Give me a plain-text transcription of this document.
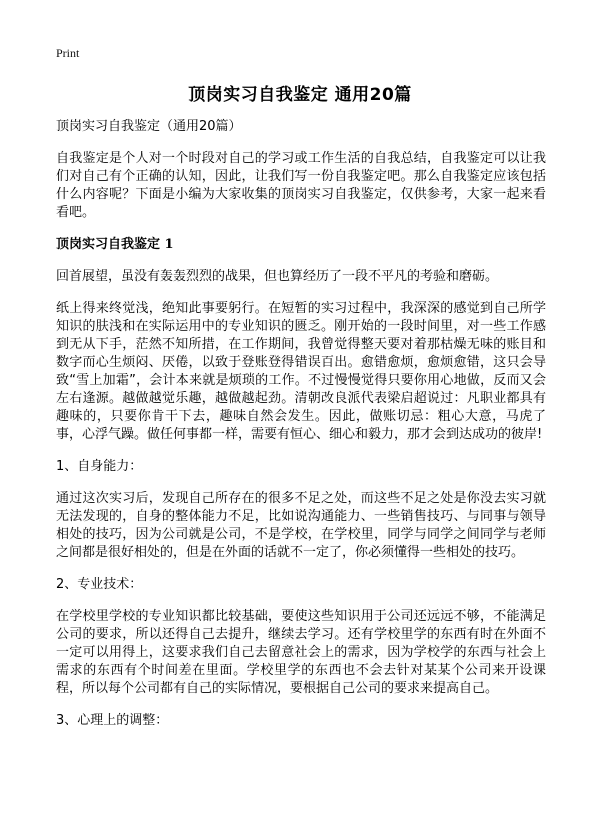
Print
顶岗实习自我鉴定 通用20篇

顶岗实习自我鉴定（通用20篇）

自我鉴定是个人对一个时段对自己的学习或工作生活的自我总结，自我鉴定可以让我们对自己有个正确的认知，因此，让我们写一份自我鉴定吧。那么自我鉴定应该包括什么内容呢？下面是小编为大家收集的顶岗实习自我鉴定，仅供参考，大家一起来看看吧。

顶岗实习自我鉴定 1

回首展望，虽没有轰轰烈烈的战果，但也算经历了一段不平凡的考验和磨砺。

纸上得来终觉浅，绝知此事要躬行。在短暂的实习过程中，我深深的感觉到自己所学知识的肤浅和在实际运用中的专业知识的匮乏。刚开始的一段时间里，对一些工作感到无从下手，茫然不知所措，在工作期间，我曾觉得整天要对着那枯燥无味的账目和数字而心生烦闷、厌倦，以致于登账登得错误百出。愈错愈烦，愈烦愈错，这只会导致“雪上加霜”，会计本来就是烦琐的工作。不过慢慢觉得只要你用心地做，反而又会左右逢源。越做越觉乐趣，越做越起劲。清朝改良派代表梁启超说过：凡职业都具有趣味的，只要你肯干下去，趣味自然会发生。因此，做账切忌：粗心大意，马虎了事，心浮气躁。做任何事都一样，需要有恒心、细心和毅力，那才会到达成功的彼岸!

1、自身能力：

通过这次实习后，发现自己所存在的很多不足之处，而这些不足之处是你没去实习就无法发现的，自身的整体能力不足，比如说沟通能力、一些销售技巧、与同事与领导相处的技巧，因为公司就是公司，不是学校，在学校里，同学与同学之间同学与老师之间都是很好相处的，但是在外面的话就不一定了，你必须懂得一些相处的技巧。

2、专业技术：

在学校里学校的专业知识都比较基础，要使这些知识用于公司还远远不够，不能满足公司的要求，所以还得自己去提升，继续去学习。还有学校里学的东西有时在外面不一定可以用得上，这要求我们自己去留意社会上的需求，因为学校学的东西与社会上需求的东西有个时间差在里面。学校里学的东西也不会去针对某某个公司来开设课程，所以每个公司都有自己的实际情况，要根据自己公司的要求来提高自己。

3、心理上的调整：
